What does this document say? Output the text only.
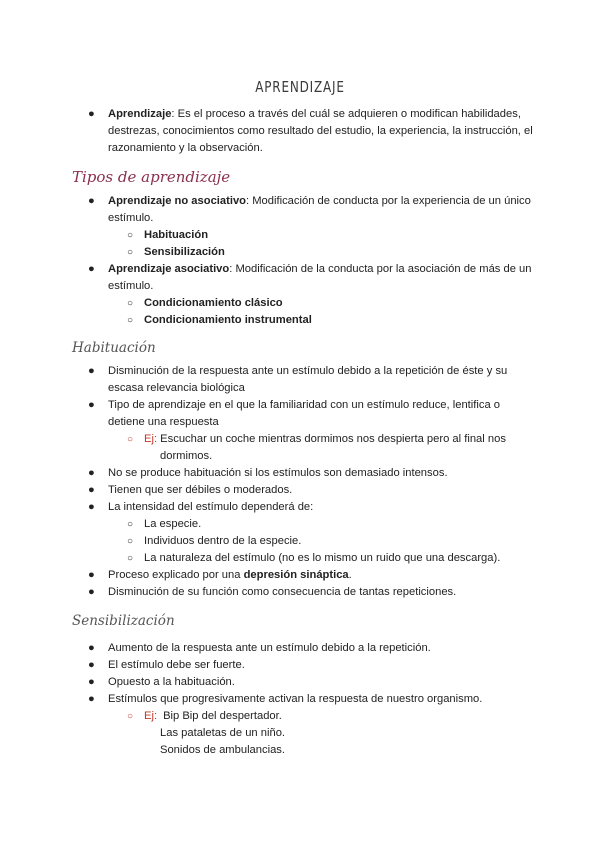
APRENDIZAJE
●	Aprendizaje: Es el proceso a través del cuál se adquieren o modifican habilidades,
destrezas, conocimientos como resultado del estudio, la experiencia, la instrucción, el
razonamiento y la observación.
Tipos de aprendizaje
●	Aprendizaje no asociativo: Modificación de conducta por la experiencia de un único
estímulo.
○ Habituación
○ Sensibilización
●	Aprendizaje asociativo: Modificación de la conducta por la asociación de más de un
estímulo.
○ Condicionamiento clásico
○ Condicionamiento instrumental
Habituación
●	Disminución de la respuesta ante un estímulo debido a la repetición de éste y su
escasa relevancia biológica
●	Tipo de aprendizaje en el que la familiaridad con un estímulo reduce, lentifica o
detiene una respuesta
○ Ej: Escuchar un coche mientras dormimos nos despierta pero al final nos
dormimos.
●	No se produce habituación si los estímulos son demasiado intensos.
●	Tienen que ser débiles o moderados.
●	La intensidad del estímulo dependerá de:
○ La especie.
○ Individuos dentro de la especie.
○ La naturaleza del estímulo (no es lo mismo un ruido que una descarga).
●	Proceso explicado por una depresión sináptica.
●	Disminución de su función como consecuencia de tantas repeticiones.
Sensibilización
●	Aumento de la respuesta ante un estímulo debido a la repetición.
●	El estímulo debe ser fuerte.
●	Opuesto a la habituación.
●	Estímulos que progresivamente activan la respuesta de nuestro organismo.
○ Ej: Bip Bip del despertador.
Las pataletas de un niño.
Sonidos de ambulancias.
